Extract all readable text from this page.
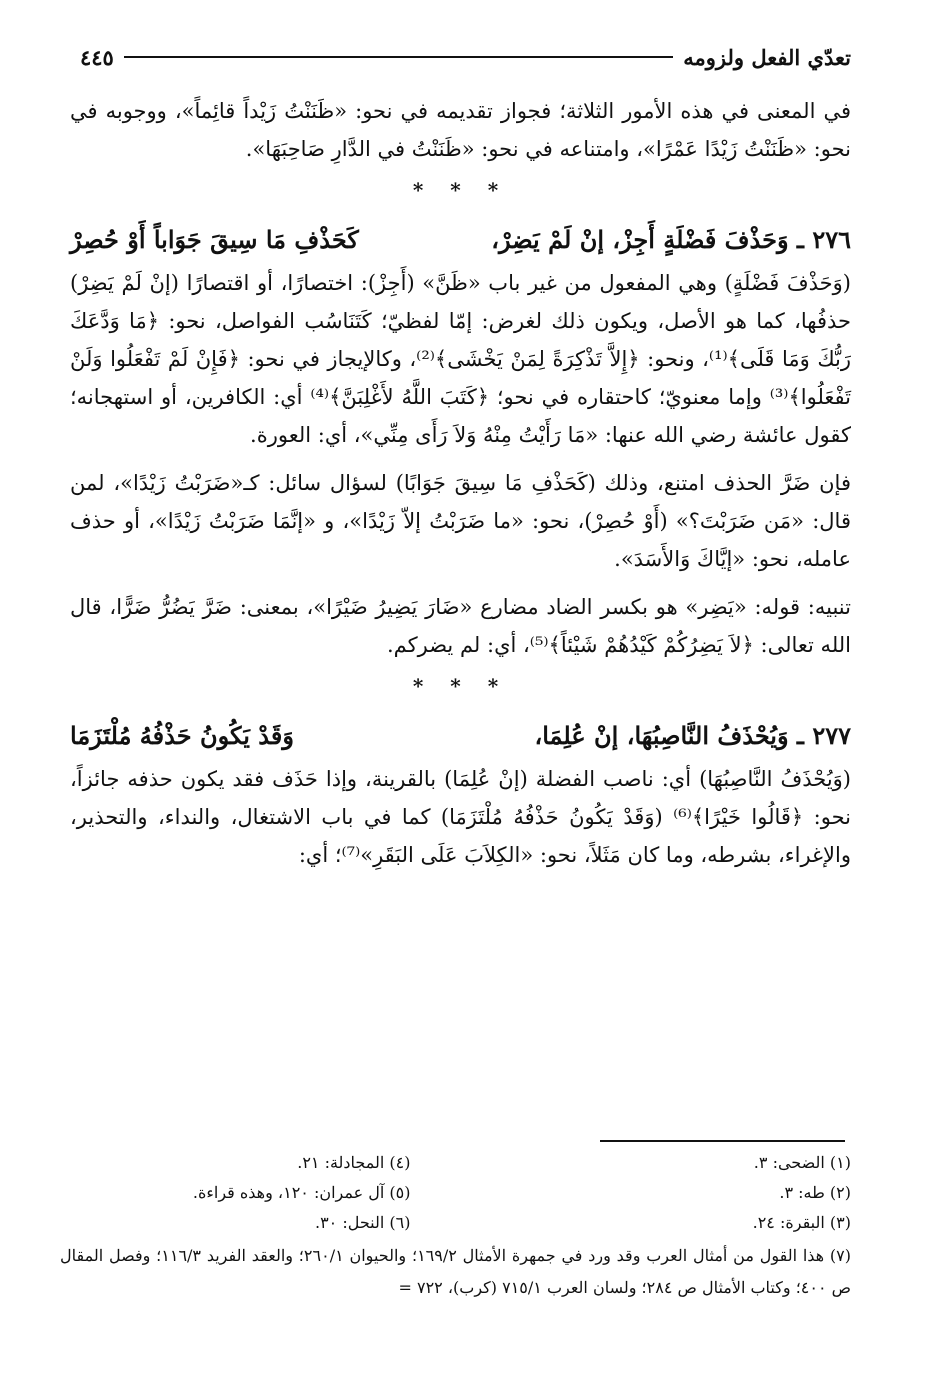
تعدّي الفعل ولزومه
٤٤٥

في المعنى في هذه الأمور الثلاثة؛ فجواز تقديمه في نحو: «ظَنَنْتُ زَيْداً قائِماً»، ووجوبه في نحو: «ظَنَنْتُ زَيْدًا عَمْرًا»، وامتناعه في نحو: «ظَنَنْتُ في الدَّارِ صَاحِبَهَا».

* * *
٢٧٦ ـ وَحَذْفَ فَضْلَةٍ أَجِزْ، إنْ لَمْ يَضِرْ،
كَحَذْفِ مَا سِيقَ جَوَاباً أَوْ حُصِرْ

(وَحَذْفَ فَضْلَةٍ) وهي المفعول من غير باب «ظَنَّ» (أَجِزْ): اختصارًا، أو اقتصارًا (إنْ لَمْ يَضِرْ) حذفُها، كما هو الأصل، ويكون ذلك لغرض: إمّا لفظيّ؛ كَتَنَاسُب الفواصل، نحو: ﴿مَا وَدَّعَكَ رَبُّكَ وَمَا قَلَى﴾⁽¹⁾، ونحو: ﴿إِلاَّ تَذْكِرَةً لِمَنْ يَخْشَى﴾⁽²⁾، وكالإيجاز في نحو: ﴿فَإِنْ لَمْ تَفْعَلُوا وَلَنْ تَفْعَلُوا﴾⁽³⁾ وإما معنويّ؛ كاحتقاره في نحو؛ ﴿كَتَبَ اللَّهُ لأَغْلِبَنَّ﴾⁽⁴⁾ أي: الكافرين، أو استهجانه؛ كقول عائشة رضي الله عنها: «مَا رَأَيْتُ مِنْهُ وَلاَ رَأَى مِنِّي»، أي: العورة.

فإن ضَرَّ الحذف امتنع، وذلك (كَحَذْفِ مَا سِيقَ جَوَابًا) لسؤال سائل: كـ«ضَرَبْتُ زَيْدًا»، لمن قال: «مَن ضَرَبْتَ؟» (أَوْ حُصِرْ)، نحو: «ما ضَرَبْتُ إلاّ زَيْدًا»، و «إنَّمَا ضَرَبْتُ زَيْدًا»، أو حذف عامله، نحو: «إيَّاكَ وَالأَسَدَ».

تنبيه: قوله: «يَضِر» هو بكسر الضاد مضارع «ضَارَ يَضِيرُ ضَيْرًا»، بمعنى: ضَرَّ يَضُرُّ ضَرًّا، قال الله تعالى: ﴿لاَ يَضِرُكُمْ كَيْدُهُمْ شَيْئاً﴾⁽⁵⁾، أي: لم يضركم.

* * *
٢٧٧ ـ وَيُحْذَفُ النَّاصِبُهَا، إنْ عُلِمَا،
وَقَدْ يَكُونُ حَذْفُهُ مُلْتَزَمَا

(وَيُحْذَفُ النَّاصِبُهَا) أي: ناصب الفضلة (إنْ عُلِمَا) بالقرينة، وإذا حَذَف فقد يكون حذفه جائزاً، نحو: ﴿قَالُوا خَيْرًا﴾⁽⁶⁾ (وَقَدْ يَكُونُ حَذْفُهُ مُلْتَزَمَا) كما في باب الاشتغال، والنداء، والتحذير، والإغراء، بشرطه، وما كان مَثَلاً، نحو: «الكِلاَبَ عَلَى البَقَرِ»⁽⁷⁾؛ أي:

(١) الضحى: ٣.
(٤) المجادلة: ٢١.
(٢) طه: ٣.
(٥) آل عمران: ١٢٠، وهذه قراءة.
(٣) البقرة: ٢٤.
(٦) النحل: ٣٠.
(٧) هذا القول من أمثال العرب وقد ورد في جمهرة الأمثال ١٦٩/٢؛ والحيوان ٢٦٠/١؛ والعقد الفريد ١١٦/٣؛ وفصل المقال ص ٤٠٠؛ وكتاب الأمثال ص ٢٨٤؛ ولسان العرب ٧١٥/١ (كرب)، ٧٢٢ =
